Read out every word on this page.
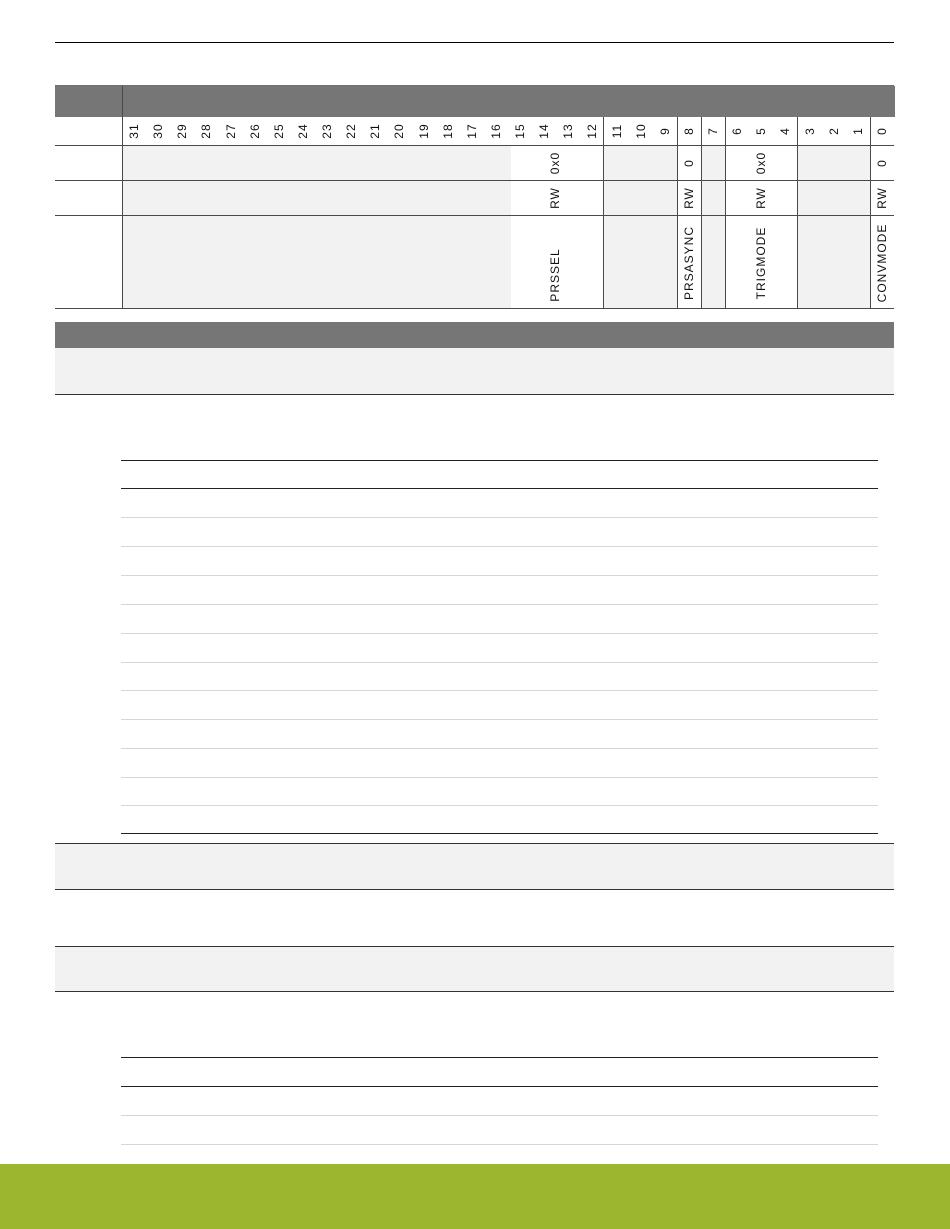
31 30 29 28 27 26 25 24 23 22 21 20 19 18 17 16 15 14 13 12 11 10 9 8 7 6 5 4 3 2 1 0
0x0
RW
PRSSEL
0
RW
PRSASYNC
0x0
RW
TRIGMODE
0
RW
CONVMODE
